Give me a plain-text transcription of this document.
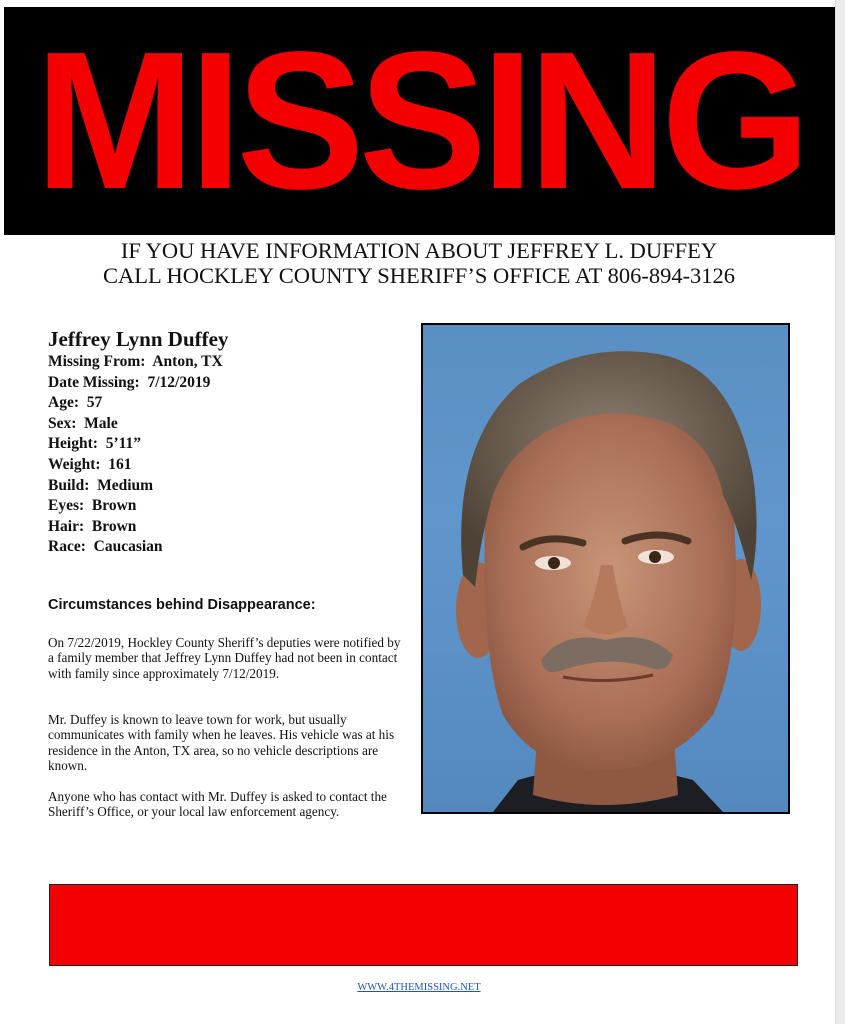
MISSING
IF YOU HAVE INFORMATION ABOUT JEFFREY L. DUFFEY
CALL HOCKLEY COUNTY SHERIFF’S OFFICE AT 806-894-3126
Jeffrey Lynn Duffey
Missing From: Anton, TX
Date Missing: 7/12/2019
Age: 57
Sex: Male
Height: 5’11”
Weight: 161
Build: Medium
Eyes: Brown
Hair: Brown
Race: Caucasian
Circumstances behind Disappearance:
On 7/22/2019, Hockley County Sheriff’s deputies were notified by a family member that Jeffrey Lynn Duffey had not been in contact with family since approximately 7/12/2019.
Mr. Duffey is known to leave town for work, but usually communicates with family when he leaves. His vehicle was at his residence in the Anton, TX area, so no vehicle descriptions are known.
Anyone who has contact with Mr. Duffey is asked to contact the Sheriff’s Office, or your local law enforcement agency.
WWW.4THEMISSING.NET
